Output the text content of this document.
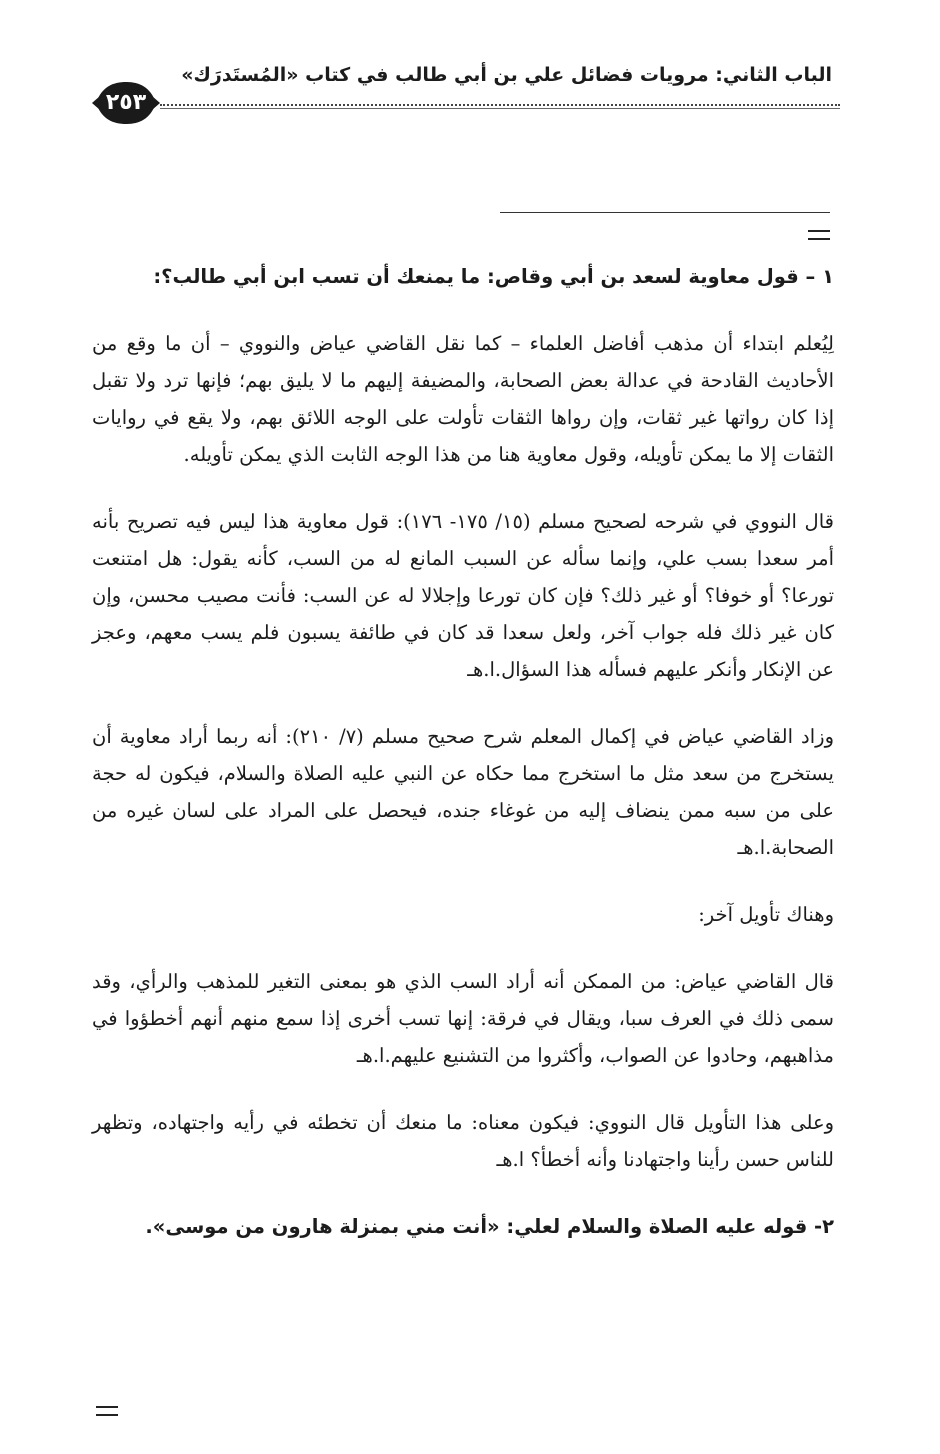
الباب الثاني: مرويات فضائل علي بن أبي طالب في كتاب «المُستَدرَك»
٢٥٣
١ – قول معاوية لسعد بن أبي وقاص: ما يمنعك أن تسب ابن أبي طالب؟:

لِيُعلم ابتداء أن مذهب أفاضل العلماء – كما نقل القاضي عياض والنووي – أن ما وقع من الأحاديث القادحة في عدالة بعض الصحابة، والمضيفة إليهم ما لا يليق بهم؛ فإنها ترد ولا تقبل إذا كان رواتها غير ثقات، وإن رواها الثقات تأولت على الوجه اللائق بهم، ولا يقع في روايات الثقات إلا ما يمكن تأويله، وقول معاوية هنا من هذا الوجه الثابت الذي يمكن تأويله.

قال النووي في شرحه لصحيح مسلم (١٥/ ١٧٥- ١٧٦): قول معاوية هذا ليس فيه تصريح بأنه أمر سعدا بسب علي، وإنما سأله عن السبب المانع له من السب، كأنه يقول: هل امتنعت تورعا؟ أو خوفا؟ أو غير ذلك؟ فإن كان تورعا وإجلالا له عن السب: فأنت مصيب محسن، وإن كان غير ذلك فله جواب آخر، ولعل سعدا قد كان في طائفة يسبون فلم يسب معهم، وعجز عن الإنكار وأنكر عليهم فسأله هذا السؤال.ا.هـ

وزاد القاضي عياض في إكمال المعلم شرح صحيح مسلم (٧/ ٢١٠): أنه ربما أراد معاوية أن يستخرج من سعد مثل ما استخرج مما حكاه عن النبي عليه الصلاة والسلام، فيكون له حجة على من سبه ممن ينضاف إليه من غوغاء جنده، فيحصل على المراد على لسان غيره من الصحابة.ا.هـ

وهناك تأويل آخر:

قال القاضي عياض: من الممكن أنه أراد السب الذي هو بمعنى التغير للمذهب والرأي، وقد سمى ذلك في العرف سبا، ويقال في فرقة: إنها تسب أخرى إذا سمع منهم أنهم أخطؤوا في مذاهبهم، وحادوا عن الصواب، وأكثروا من التشنيع عليهم.ا.هـ

وعلى هذا التأويل قال النووي: فيكون معناه: ما منعك أن تخطئه في رأيه واجتهاده، وتظهر للناس حسن رأينا واجتهادنا وأنه أخطأ؟ ا.هـ

٢- قوله عليه الصلاة والسلام لعلي: «أنت مني بمنزلة هارون من موسى».
